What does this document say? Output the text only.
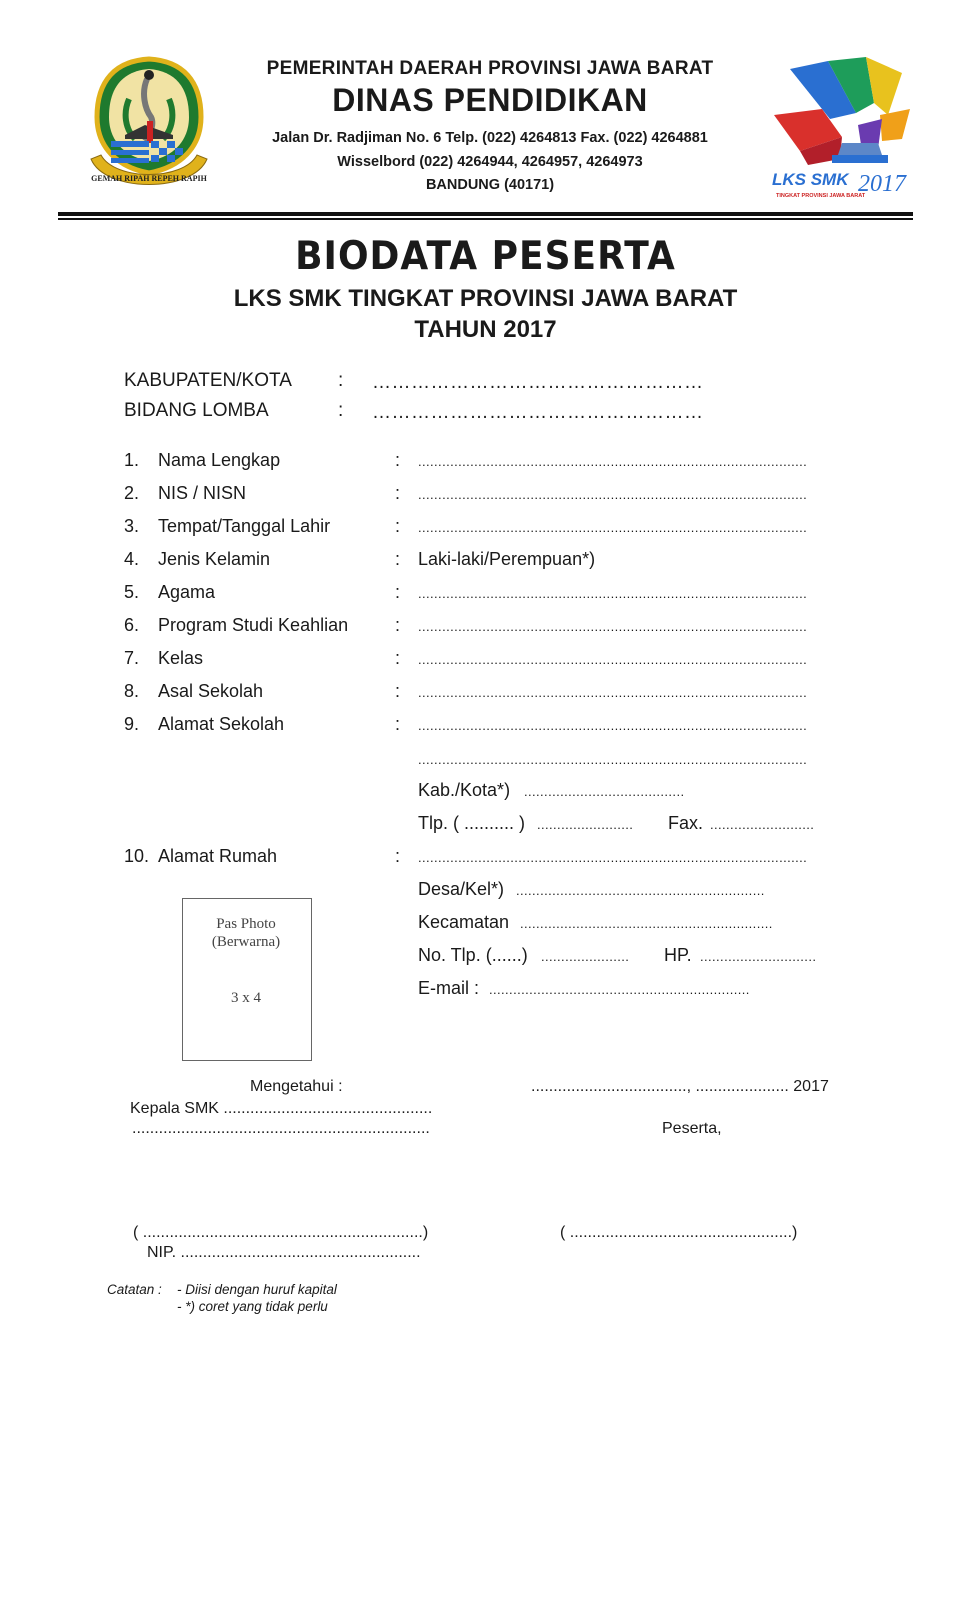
GEMAH RIPAH REPEH RAPIH
PEMERINTAH DAERAH PROVINSI JAWA BARAT
DINAS PENDIDIKAN
Jalan Dr. Radjiman No. 6 Telp. (022) 4264813 Fax. (022) 4264881
Wisselbord (022) 4264944, 4264957, 4264973
BANDUNG (40171)	LKS SMK 2017
TINGKAT PROVINSI JAWA BARAT
BIODATA PESERTA
LKS SMK TINGKAT PROVINSI JAWA BARAT
TAHUN 2017
KABUPATEN/KOTA : ……………………………………………
BIDANG LOMBA	: ……………………………………………
1. Nama Lengkap	: .................................................................................................
2. NIS / NISN	: .................................................................................................
3. Tempat/Tanggal Lahir	: .................................................................................................
4. Jenis Kelamin	: Laki-laki/Perempuan*)
5. Agama	: .................................................................................................
6. Program Studi Keahlian	: .................................................................................................
7. Kelas	: .................................................................................................
8. Asal Sekolah	: .................................................................................................
9. Alamat Sekolah	: .................................................................................................
.................................................................................................
Kab./Kota*) ........................................
Tlp. ( .......... ) ........................ Fax. ..........................
10. Alamat Rumah	: .................................................................................................
Desa/Kel*) ..............................................................
Kecamatan ...............................................................
No. Tlp. (......) ...................... HP. .............................
E-mail : .................................................................
Pas Photo
(Berwarna)
3 x 4
Mengetahui :
Kepala SMK ...............................................
...................................................................
..................................., ..................... 2017
Peserta,
( ...............................................................)
NIP. ......................................................
( ..................................................)
Catatan : - Diisi dengan huruf kapital
- *) coret yang tidak perlu
